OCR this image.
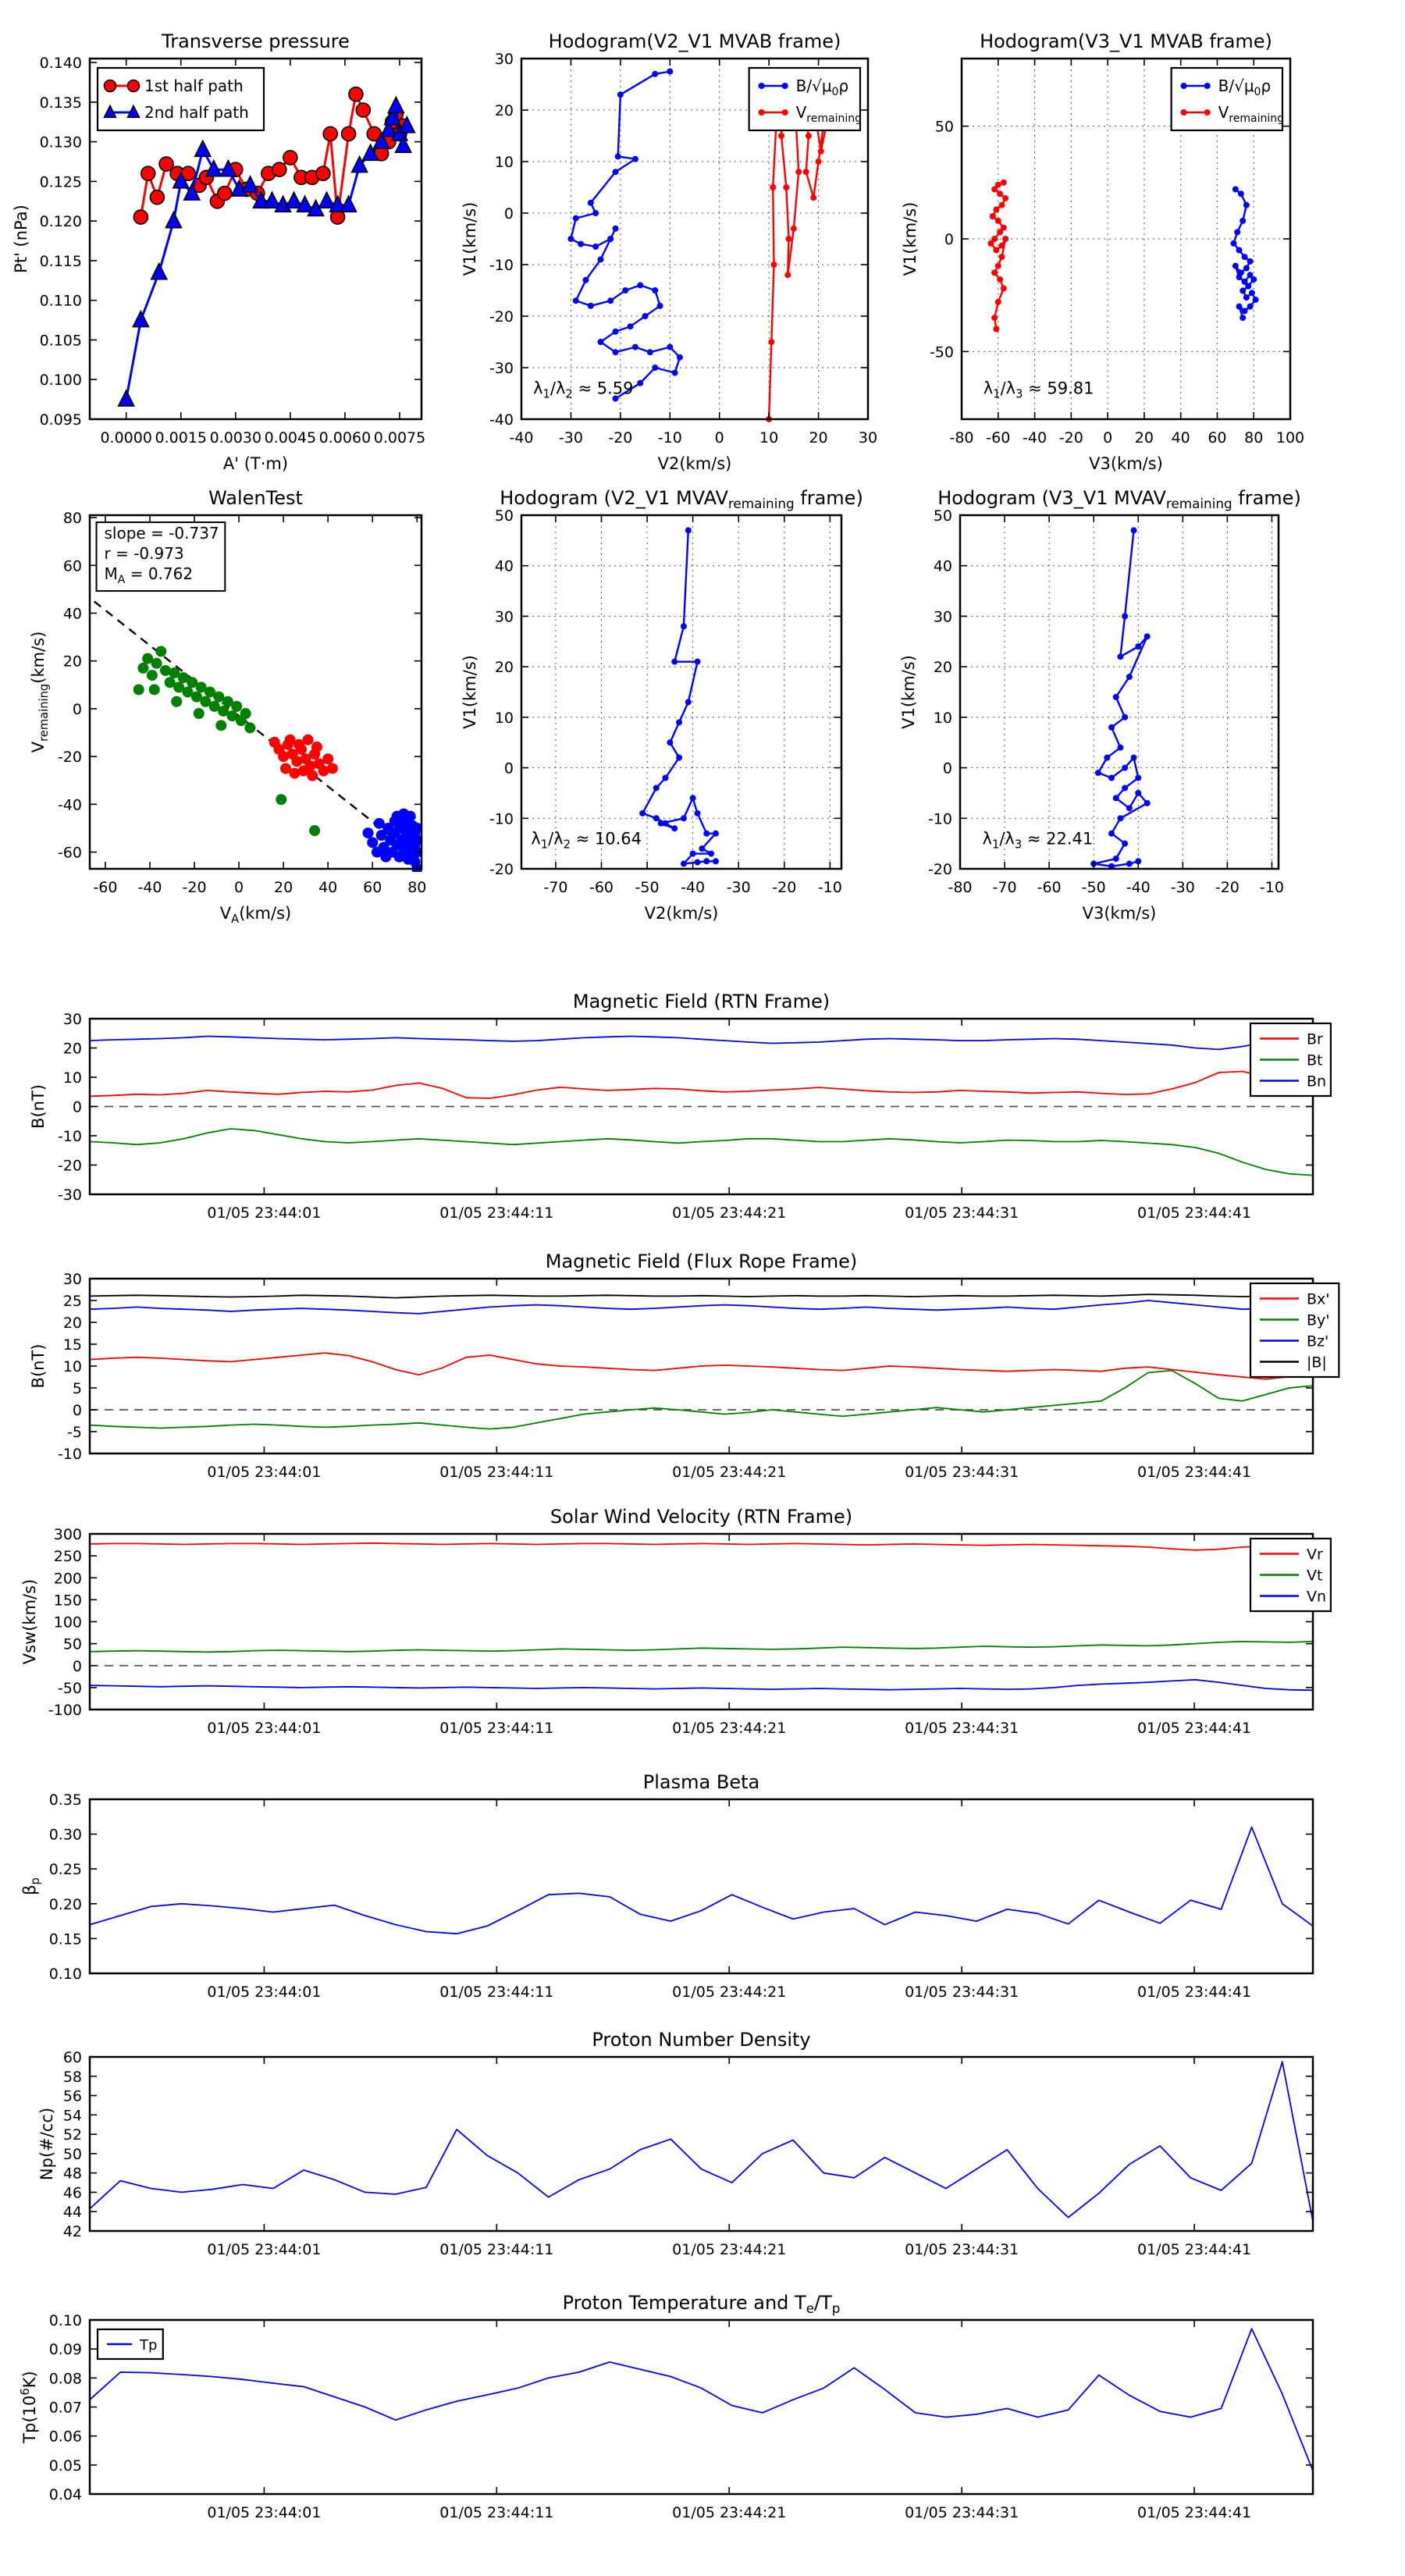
0.0000 0.0015 0.0030 0.0045 0.0060 0.0075
0.095
0.100
0.105
0.110
0.115
0.120
0.125
0.130
0.135
0.140
Transverse pressure
A' (T·m)
Pt' (nPa)
1st half path
2nd half path
-40 -30 -20 -10 0 10 20 30
-40
-30
-20
-10
0
10
20
30
Hodogram(V2_V1 MVAB frame)
V2(km/s)
V1(km/s)
$\lambda_1/\lambda_2 \approx 5.59$
$B/√\mu_0\rho$
$V_{remaining}$
-80 -60 -40 -20 0 20 40 60 80 100
-50
0
50
Hodogram(V3_V1 MVAB frame)
V3(km/s)
V1(km/s)
$\lambda_1/\lambda_3 \approx 59.81$
$B/√\mu_0\rho$
$V_{remaining}$
-60 -40 -20 0 20 40 60 80
-60
-40
-20
0
20
40
60
80
WalenTest
$V_A(km/s)$
$V_{remaining}(km/s)$
slope = -0.737
r = -0.973
$M_A = 0.762$
-70 -60 -50 -40 -30 -20 -10
-20
-10
0
10
20
30
40
50
Hodogram (V2_V1 $MVAV_{remaining}$ frame)
V2(km/s)
V1(km/s)
$\lambda_1/\lambda_2 \approx 10.64$
-80 -70 -60 -50 -40 -30 -20 -10
-20
-10
0
10
20
30
40
50
Hodogram (V3_V1 $MVAV_{remaining}$ frame)
V3(km/s)
V1(km/s)
$\lambda_1/\lambda_3 \approx 22.41$
01/05 23:44:01	01/05 23:44:11	01/05 23:44:21	01/05 23:44:31	01/05 23:44:41
-30
-20
-10
0
10
20
30
Magnetic Field (RTN Frame)
B(nT)
Br
Bt
Bn
01/05 23:44:01	01/05 23:44:11	01/05 23:44:21	01/05 23:44:31	01/05 23:44:41
-10
-5
0
5
10
15
20
25
30
Magnetic Field (Flux Rope Frame)
B(nT)
Bx'
By'
Bz'
|B|
01/05 23:44:01	01/05 23:44:11	01/05 23:44:21	01/05 23:44:31	01/05 23:44:41
-100
-50
0
50
100
150
200
250
300
Solar Wind Velocity (RTN Frame)
Vsw(km/s)
Vr
Vt
Vn
01/05 23:44:01	01/05 23:44:11	01/05 23:44:21	01/05 23:44:31	01/05 23:44:41
0.10
0.15
0.20
0.25
0.30
0.35
Plasma Beta
$\beta_p$
01/05 23:44:01	01/05 23:44:11	01/05 23:44:21	01/05 23:44:31	01/05 23:44:41
42
44
46
48
50
52
54
56
58
60
Proton Number Density
Np(#/cc)
01/05 23:44:01	01/05 23:44:11	01/05 23:44:21	01/05 23:44:31	01/05 23:44:41
0.04
0.05
0.06
0.07
0.08
0.09
0.10
Proton Temperature and $T_e/T_p$
$Tp(10^6K)$
Tp
